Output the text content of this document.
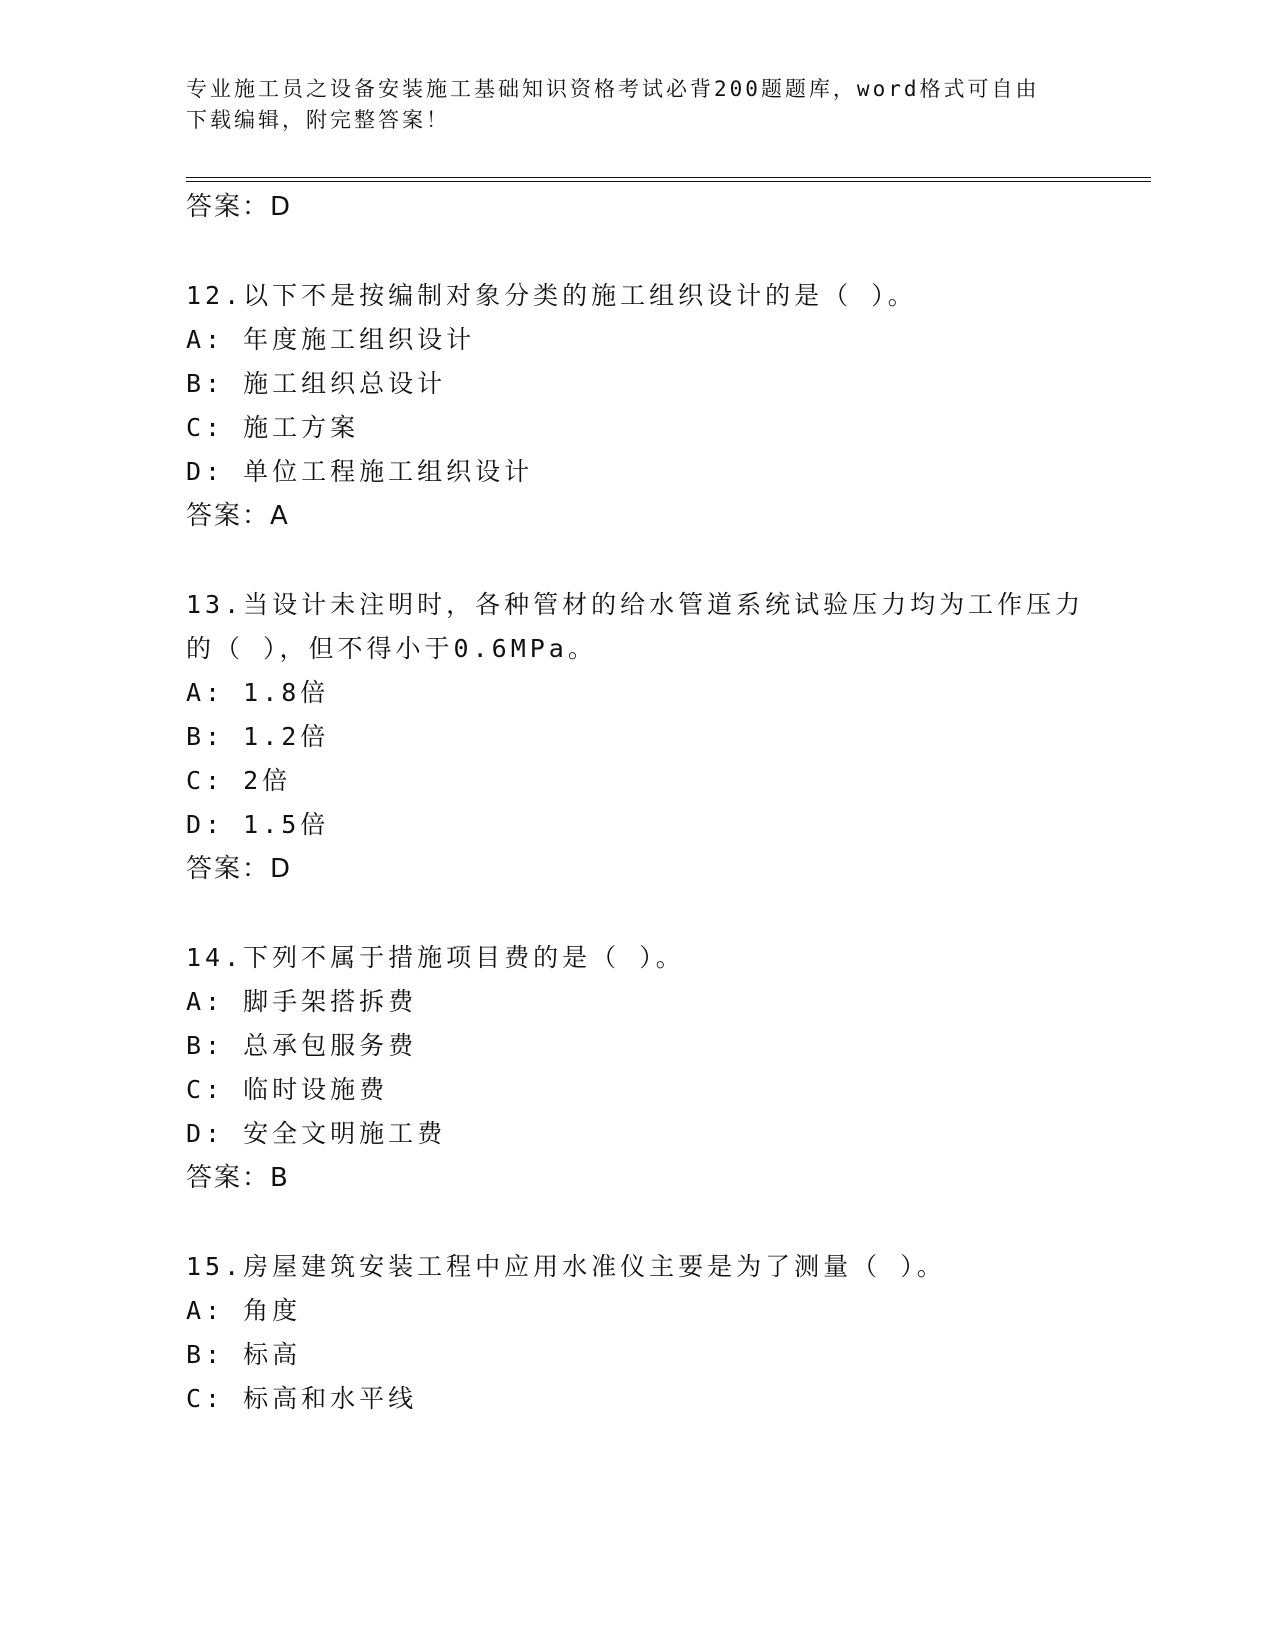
专业施工员之设备安装施工基础知识资格考试必背200题题库，word格式可自由
下载编辑，附完整答案！
答案：D
12.以下不是按编制对象分类的施工组织设计的是（ ）。
A: 年度施工组织设计
B: 施工组织总设计
C: 施工方案
D: 单位工程施工组织设计
答案：A
13.当设计未注明时，各种管材的给水管道系统试验压力均为工作压力
的（ ），但不得小于0.6MPa。
A: 1.8倍
B: 1.2倍
C: 2倍
D: 1.5倍
答案：D
14.下列不属于措施项目费的是（ ）。
A: 脚手架搭拆费
B: 总承包服务费
C: 临时设施费
D: 安全文明施工费
答案：B
15.房屋建筑安装工程中应用水准仪主要是为了测量（ ）。
A: 角度
B: 标高
C: 标高和水平线
